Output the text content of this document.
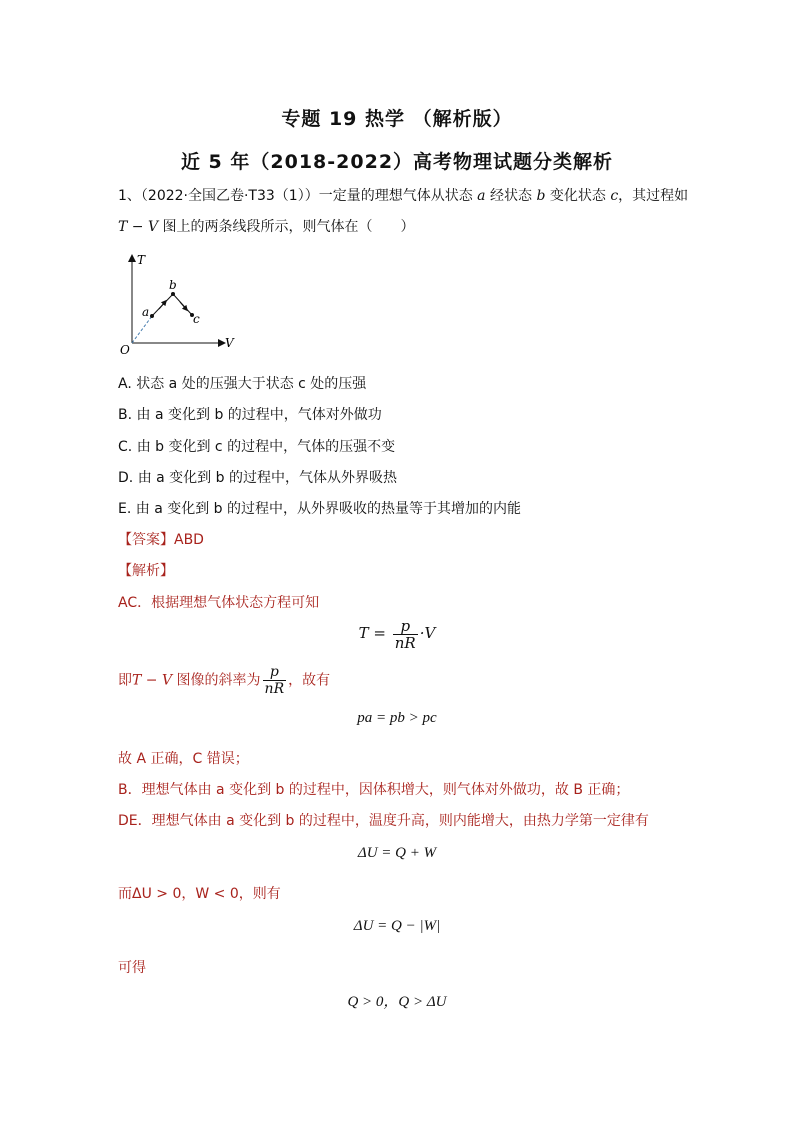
专题 19 热学 （解析版）
近 5 年（2018-2022）高考物理试题分类解析
1、（2022·全国乙卷·T33（1））一定量的理想气体从状态 a 经状态 b 变化状态 c，其过程如
T − V 图上的两条线段所示，则气体在（　　）
T
V
O
a
b
c
A. 状态 a 处的压强大于状态 c 处的压强
B. 由 a 变化到 b 的过程中，气体对外做功
C. 由 b 变化到 c 的过程中，气体的压强不变
D. 由 a 变化到 b 的过程中，气体从外界吸热
E. 由 a 变化到 b 的过程中，从外界吸收的热量等于其增加的内能
【答案】ABD
【解析】
AC．根据理想气体状态方程可知
$T = \frac{p}{nR} \cdot V$
即T − V 图像的斜率为 $\frac{p}{nR}$ ，故有
pa = pb > pc
故 A 正确，C 错误；
B．理想气体由 a 变化到 b 的过程中，因体积增大，则气体对外做功，故 B 正确；
DE．理想气体由 a 变化到 b 的过程中，温度升高，则内能增大，由热力学第一定律有
ΔU = Q + W
而ΔU > 0，W < 0，则有
ΔU = Q − |W|
可得
Q > 0，Q > ΔU
